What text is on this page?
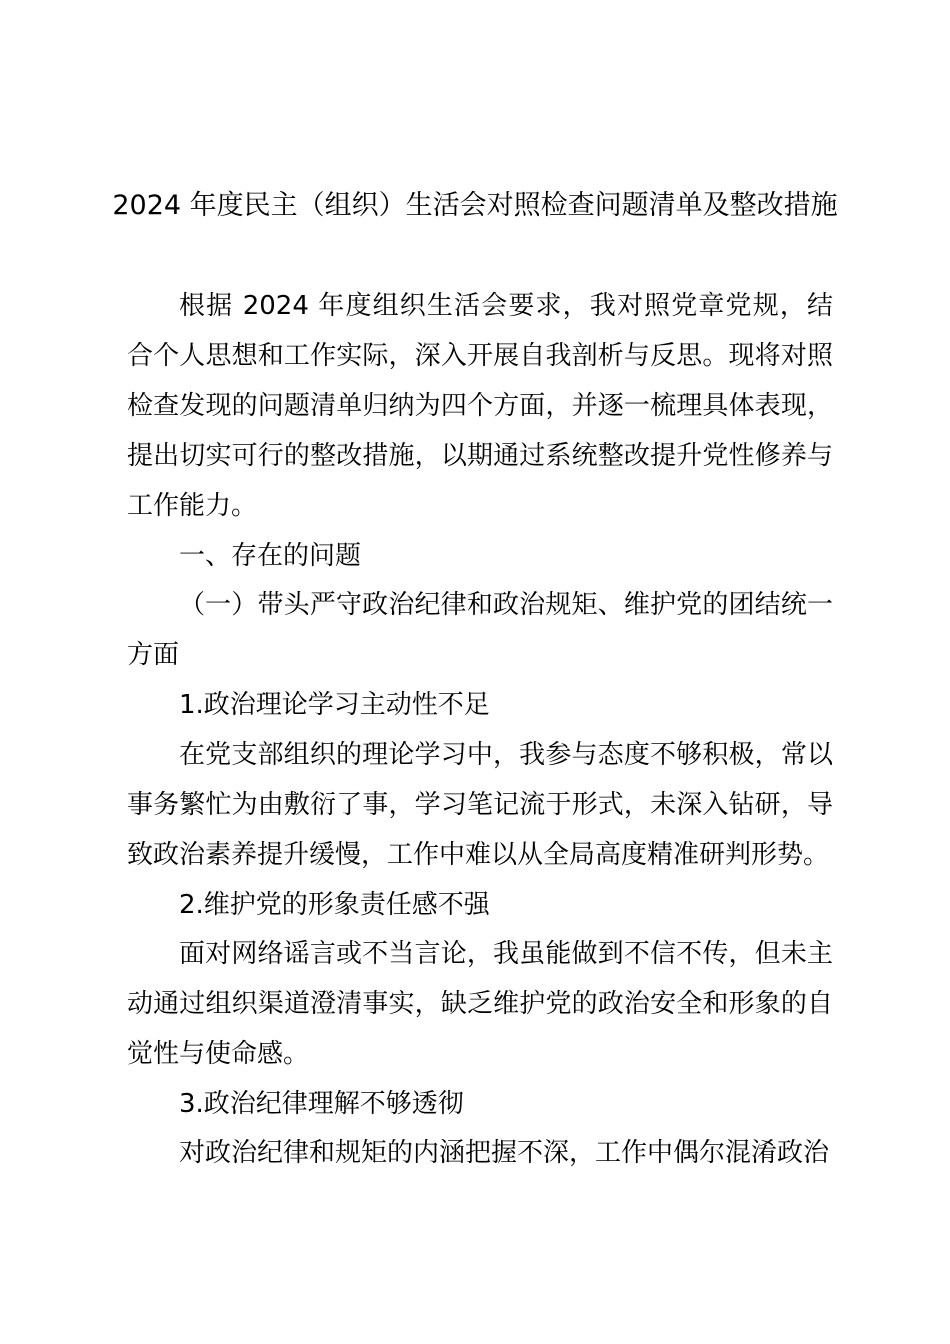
2024 年度民主（组织）生活会对照检查问题清单及整改措施

根据 2024 年度组织生活会要求，我对照党章党规，结合个人思想和工作实际，深入开展自我剖析与反思。现将对照检查发现的问题清单归纳为四个方面，并逐一梳理具体表现，提出切实可行的整改措施，以期通过系统整改提升党性修养与工作能力。

一、存在的问题

（一）带头严守政治纪律和政治规矩、维护党的团结统一方面

1.政治理论学习主动性不足

在党支部组织的理论学习中，我参与态度不够积极，常以事务繁忙为由敷衍了事，学习笔记流于形式，未深入钻研，导致政治素养提升缓慢，工作中难以从全局高度精准研判形势。

2.维护党的形象责任感不强

面对网络谣言或不当言论，我虽能做到不信不传，但未主动通过组织渠道澄清事实，缺乏维护党的政治安全和形象的自觉性与使命感。

3.政治纪律理解不够透彻

对政治纪律和规矩的内涵把握不深，工作中偶尔混淆政治
